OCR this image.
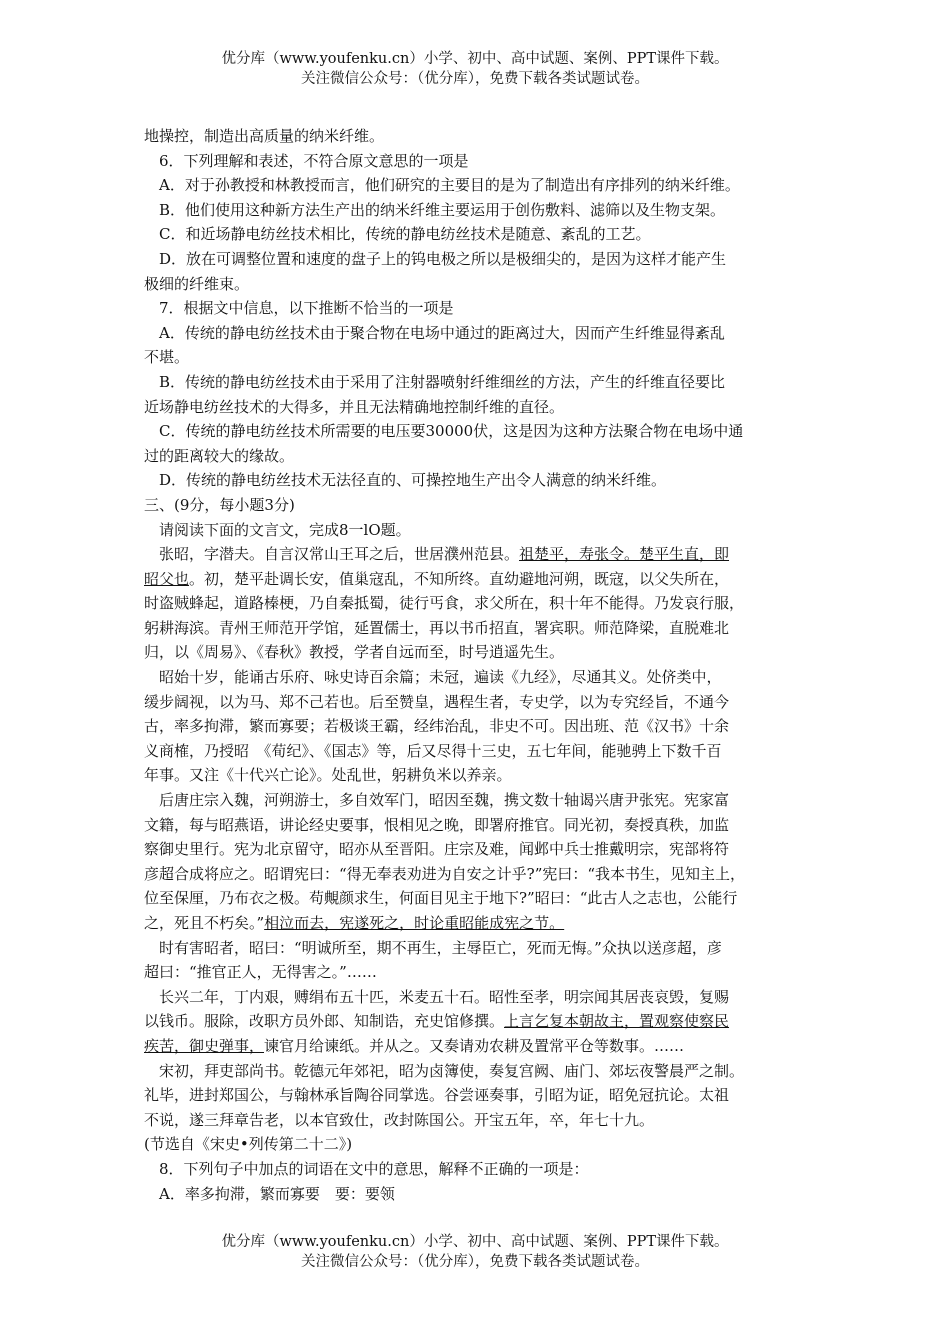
优分库（www.youfenku.cn）小学、初中、高中试题、案例、PPT课件下载。
关注微信公众号：（优分库），免费下载各类试题试卷。
地操控，制造出高质量的纳米纤维。
　6．下列理解和表述，不符合原文意思的一项是
　A．对于孙教授和林教授而言，他们研究的主要目的是为了制造出有序排列的纳米纤维。
　B．他们使用这种新方法生产出的纳米纤维主要运用于创伤敷料、滤筛以及生物支架。
　C．和近场静电纺丝技术相比，传统的静电纺丝技术是随意、紊乱的工艺。
　D．放在可调整位置和速度的盘子上的钨电极之所以是极细尖的，是因为这样才能产生
极细的纤维束。
　7．根据文中信息，以下推断不恰当的一项是
　A．传统的静电纺丝技术由于聚合物在电场中通过的距离过大，因而产生纤维显得紊乱
不堪。
　B．传统的静电纺丝技术由于采用了注射器喷射纤维细丝的方法，产生的纤维直径要比
近场静电纺丝技术的大得多，并且无法精确地控制纤维的直径。
　C．传统的静电纺丝技术所需要的电压要30000伏，这是因为这种方法聚合物在电场中通
过的距离较大的缘故。
　D．传统的静电纺丝技术无法径直的、可操控地生产出令人满意的纳米纤维。
三、(9分，每小题3分)
　请阅读下面的文言文，完成8一lO题。
　张昭，字潜夫。自言汉常山王耳之后，世居濮州范县。祖楚平，寿张令。楚平生直，即
昭父也。初，楚平赴调长安，值巢寇乱，不知所终。直幼避地河朔，既寇，以父失所在，
时盗贼蜂起，道路榛梗，乃自秦抵蜀，徒行丐食，求父所在，积十年不能得。乃发哀行服，
躬耕海滨。青州王师范开学馆，延置儒士，再以书币招直，署宾职。师范降梁，直脱难北
归，以《周易》、《春秋》教授，学者自远而至，时号逍遥先生。
　昭始十岁，能诵古乐府、咏史诗百余篇；未冠，遍读《九经》，尽通其义。处侪类中，
缓步阔视，以为马、郑不己若也。后至赞皇，遇程生者，专史学，以为专究经旨，不通今
古，率多拘滞，繁而寡要；若极谈王霸，经纬治乱，非史不可。因出班、范《汉书》十余
义商榷，乃授昭　《荀纪》、《国志》等，后又尽得十三史，五七年间，能驰骋上下数千百
年事。又注《十代兴亡论》。处乱世，躬耕负米以养亲。
　后唐庄宗入魏，河朔游士，多自效军门，昭因至魏，携文数十轴谒兴唐尹张宪。宪家富
文籍，每与昭燕语，讲论经史要事，恨相见之晚，即署府推官。同光初，奏授真秩，加监
察御史里行。宪为北京留守，昭亦从至晋阳。庄宗及难，闻邺中兵士推戴明宗，宪部将符
彦超合成将应之。昭谓宪曰：“得无奉表劝进为自安之计乎?”宪曰：“我本书生，见知主上，
位至保厘，乃布衣之极。苟覥颜求生，何面目见主于地下?”昭曰：“此古人之志也，公能行
之，死且不朽矣。”相泣而去，宪遂死之，时论重昭能成宪之节。
　时有害昭者，昭曰：“明诚所至，期不再生，主辱臣亡，死而无悔。”众执以送彦超，彦
超曰：“推官正人，无得害之。”……
　长兴二年，丁内艰，赙绢布五十匹，米麦五十石。昭性至孝，明宗闻其居丧哀毁，复赐
以钱币。服除，改职方员外郎、知制诰，充史馆修撰。上言乞复本朝故主，置观察使察民
疾苦，御史弹事，谏官月给谏纸。并从之。又奏请劝农耕及置常平仓等数事。……
　宋初，拜吏部尚书。乾德元年郊祀，昭为卤簿使，奏复宫阙、庙门、郊坛夜警晨严之制。
礼毕，进封郑国公，与翰林承旨陶谷同掌选。谷尝诬奏事，引昭为证，昭免冠抗论。太祖
不说，遂三拜章告老，以本官致仕，改封陈国公。开宝五年，卒，年七十九。
(节选自《宋史•列传第二十二》)
　8．下列句子中加点的词语在文中的意思，解释不正确的一项是：
　A．率多拘滞，繁而寡要　要：要领
优分库（www.youfenku.cn）小学、初中、高中试题、案例、PPT课件下载。
关注微信公众号：（优分库），免费下载各类试题试卷。
